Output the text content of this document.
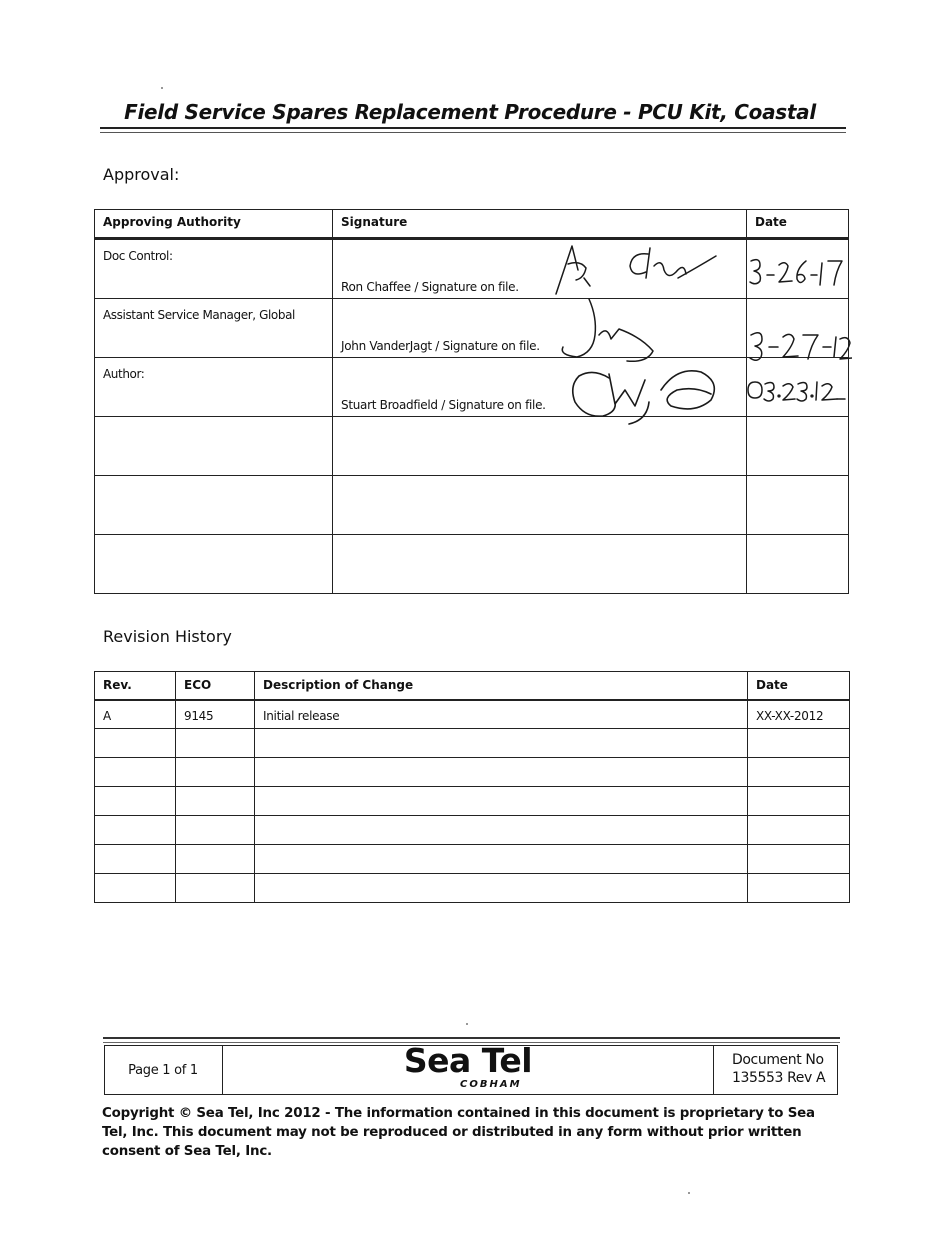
Field Service Spares Replacement Procedure - PCU Kit, Coastal
Approval:
Approving Authority	Signature	Date
Doc Control:	Ron Chaffee / Signature on file.	

Assistant Service Manager, Global	John VanderJagt / Signature on file.	

Author:	Stuart Broadfield / Signature on file.	

Revision History
Rev.	ECO	Description of Change	Date
A	9145	Initial release	XX-XX-2012

Page 1 of 1	Sea Tel
COBHAM
Document No
135553 Rev A
Copyright © Sea Tel, Inc 2012 - The information contained in this document is proprietary to Sea Tel, Inc. This document may not be reproduced or distributed in any form without prior written consent of Sea Tel, Inc.
